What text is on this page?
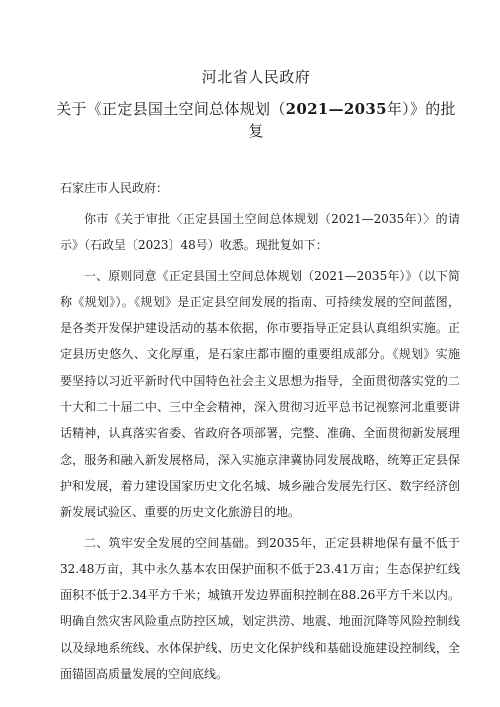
河北省人民政府

关于《正定县国土空间总体规划（2021—2035年）》的批复

石家庄市人民政府：

你市《关于审批〈正定县国土空间总体规划（2021—2035年）〉的请示》（石政呈〔2023〕48号）收悉。现批复如下：

一、原则同意《正定县国土空间总体规划（2021—2035年）》（以下简称《规划》）。《规划》是正定县空间发展的指南、可持续发展的空间蓝图，是各类开发保护建设活动的基本依据，你市要指导正定县认真组织实施。正定县历史悠久、文化厚重，是石家庄都市圈的重要组成部分。《规划》实施要坚持以习近平新时代中国特色社会主义思想为指导，全面贯彻落实党的二十大和二十届二中、三中全会精神，深入贯彻习近平总书记视察河北重要讲话精神，认真落实省委、省政府各项部署，完整、准确、全面贯彻新发展理念，服务和融入新发展格局，深入实施京津冀协同发展战略，统筹正定县保护和发展，着力建设国家历史文化名城、城乡融合发展先行区、数字经济创新发展试验区、重要的历史文化旅游目的地。

二、筑牢安全发展的空间基础。到2035年，正定县耕地保有量不低于32.48万亩，其中永久基本农田保护面积不低于23.41万亩；生态保护红线面积不低于2.34平方千米；城镇开发边界面积控制在88.26平方千米以内。明确自然灾害风险重点防控区域，划定洪涝、地震、地面沉降等风险控制线以及绿地系统线、水体保护线、历史文化保护线和基础设施建设控制线，全面锚固高质量发展的空间底线。
